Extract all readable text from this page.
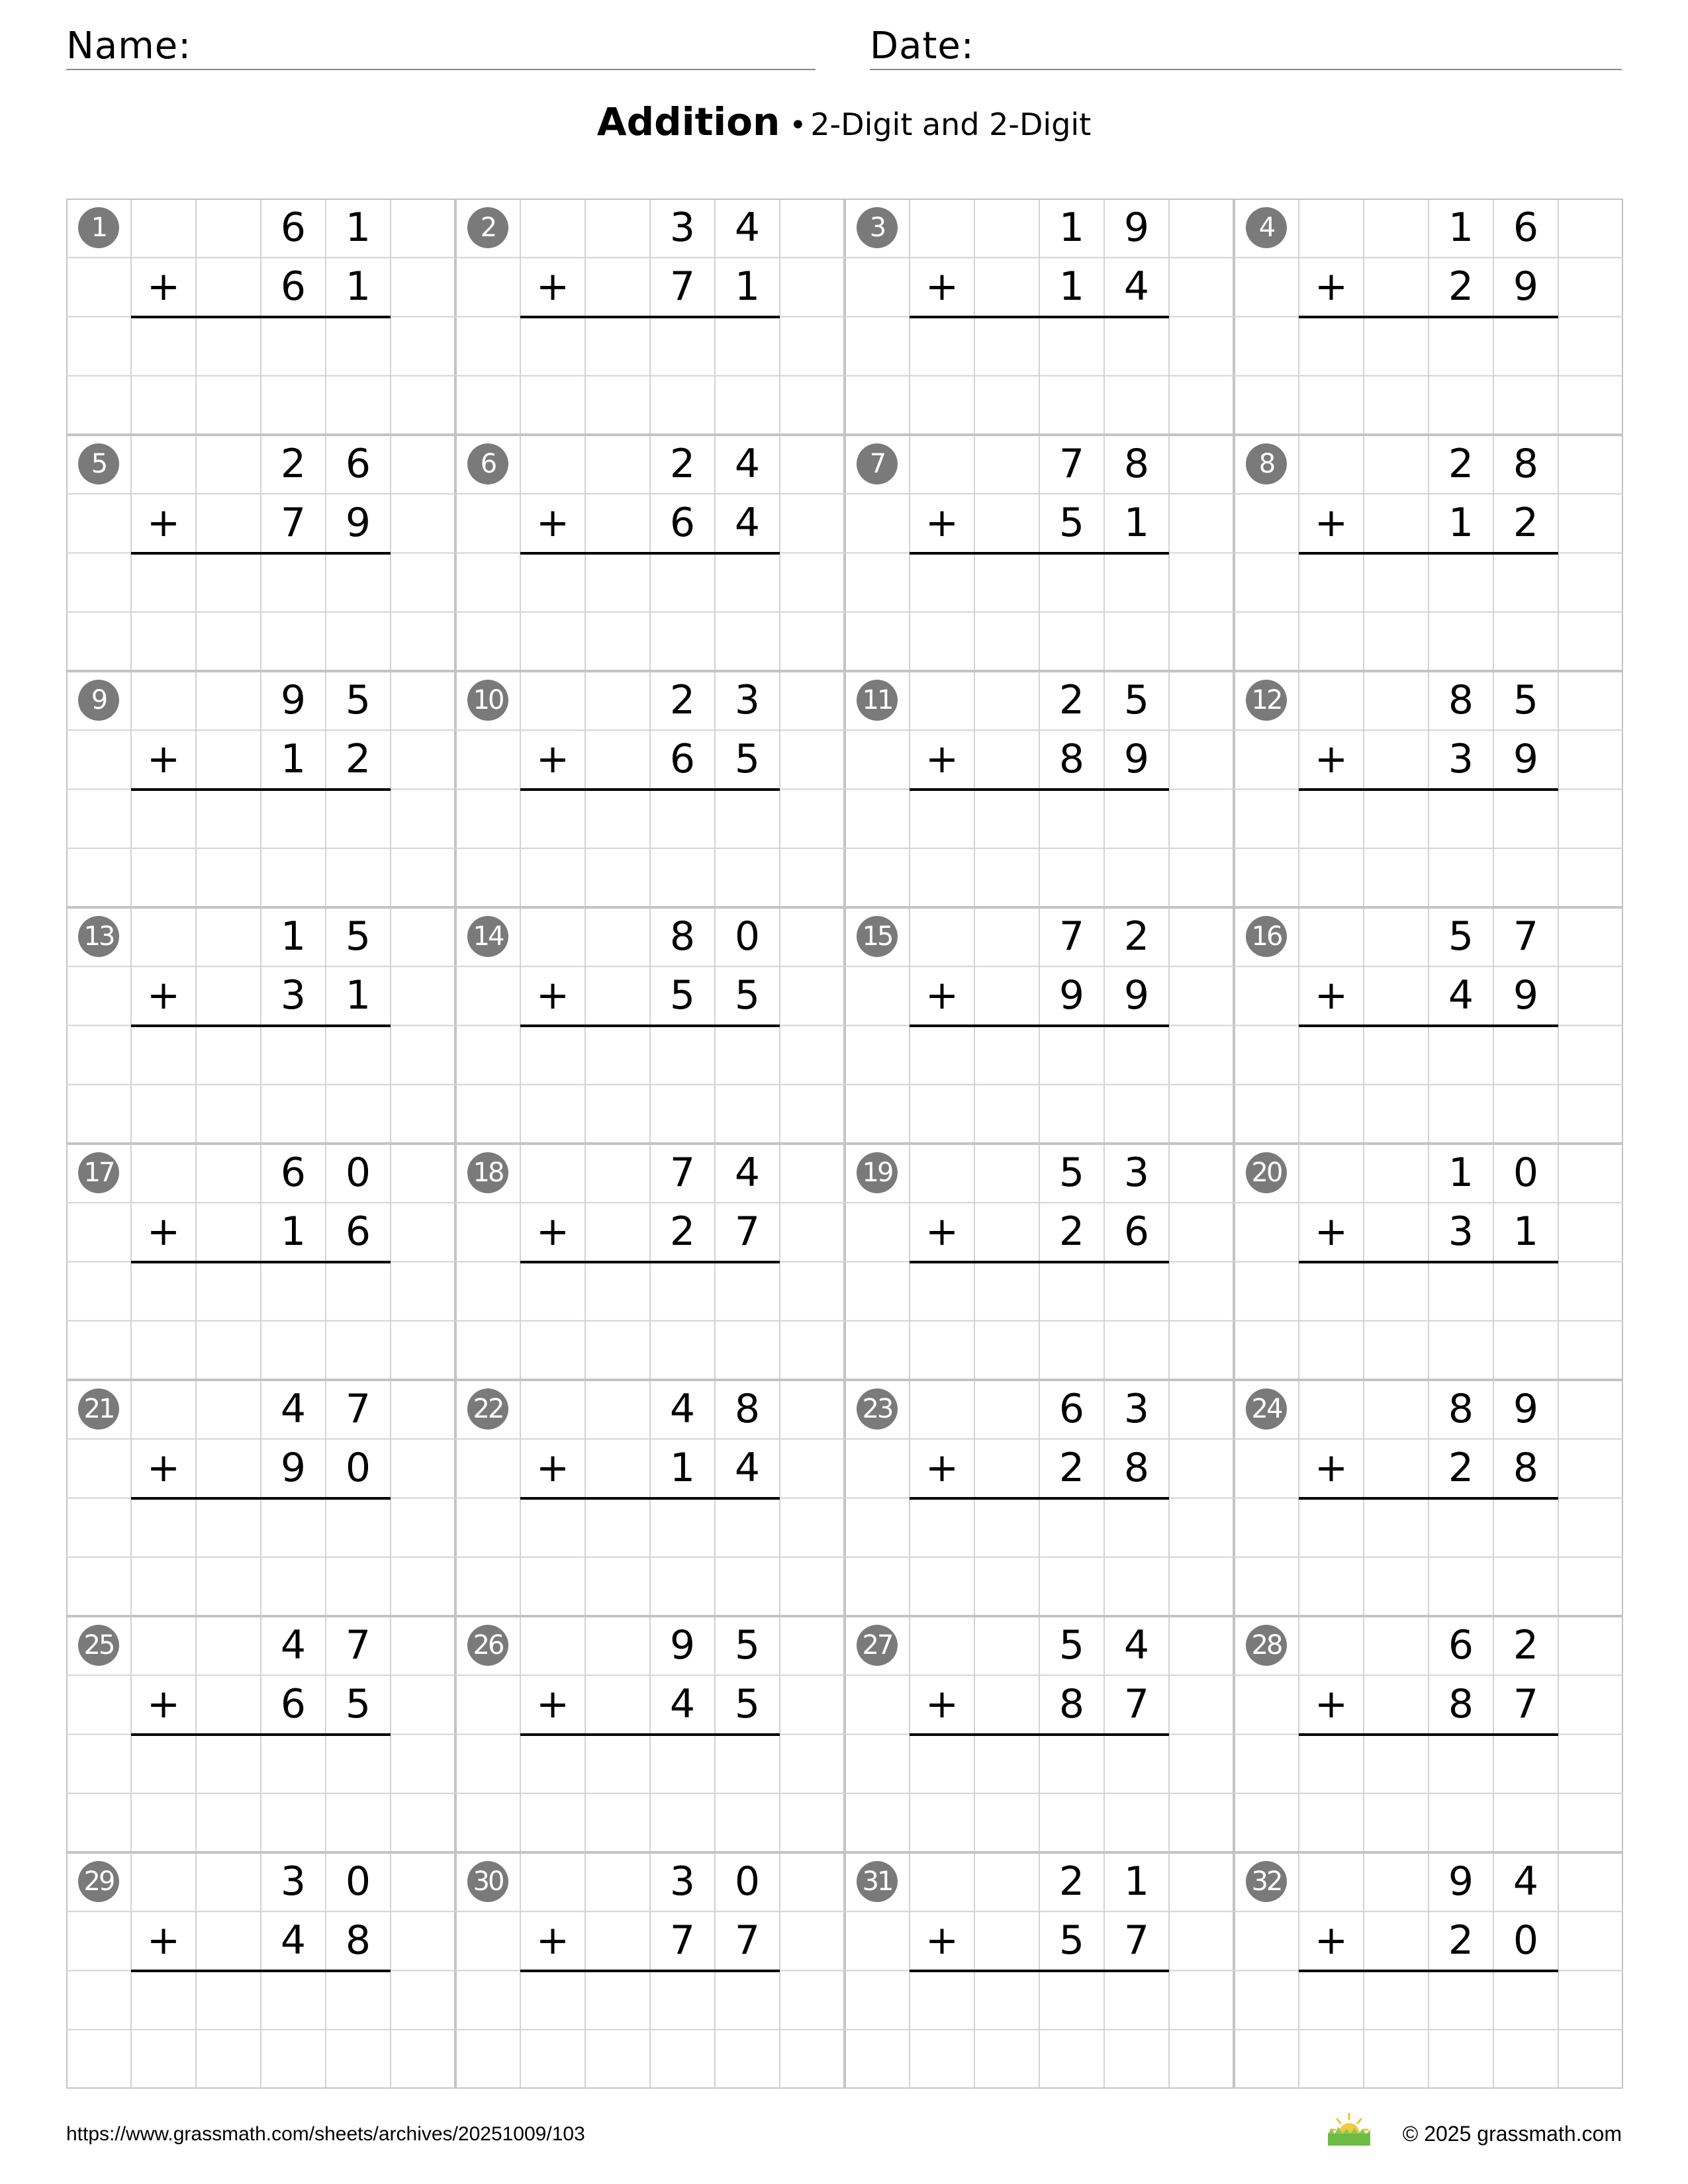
Name:	Date:
Addition • 2-Digit and 2-Digit
1	6 1
+	6 1
2	3 4
+	7 1
3	1 9
+	1 4
4	1 6
+	2 9
5	2 6
+	7 9
6	2 4
+	6 4
7	7 8
+	5 1
8	2 8
+	1 2
9	9 5
+	1 2
10	2 3
+	6 5
11	2 5
+	8 9
12	8 5
+	3 9
13	1 5
+	3 1
14	8 0
+	5 5
15	7 2
+	9 9
16	5 7
+	4 9
17	6 0
+	1 6
18	7 4
+	2 7
19	5 3
+	2 6
20	1 0
+	3 1
21	4 7
+	9 0
22	4 8
+	1 4
23	6 3
+	2 8
24	8 9
+	2 8
25	4 7
+	6 5
26	9 5
+	4 5
27	5 4
+	8 7
28	6 2
+	8 7
29	3 0
+	4 8
30	3 0
+	7 7
31	2 1
+	5 7
32	9 4
+	2 0
https://www.grassmath.com/sheets/archives/20251009/103	© 2025 grassmath.com
